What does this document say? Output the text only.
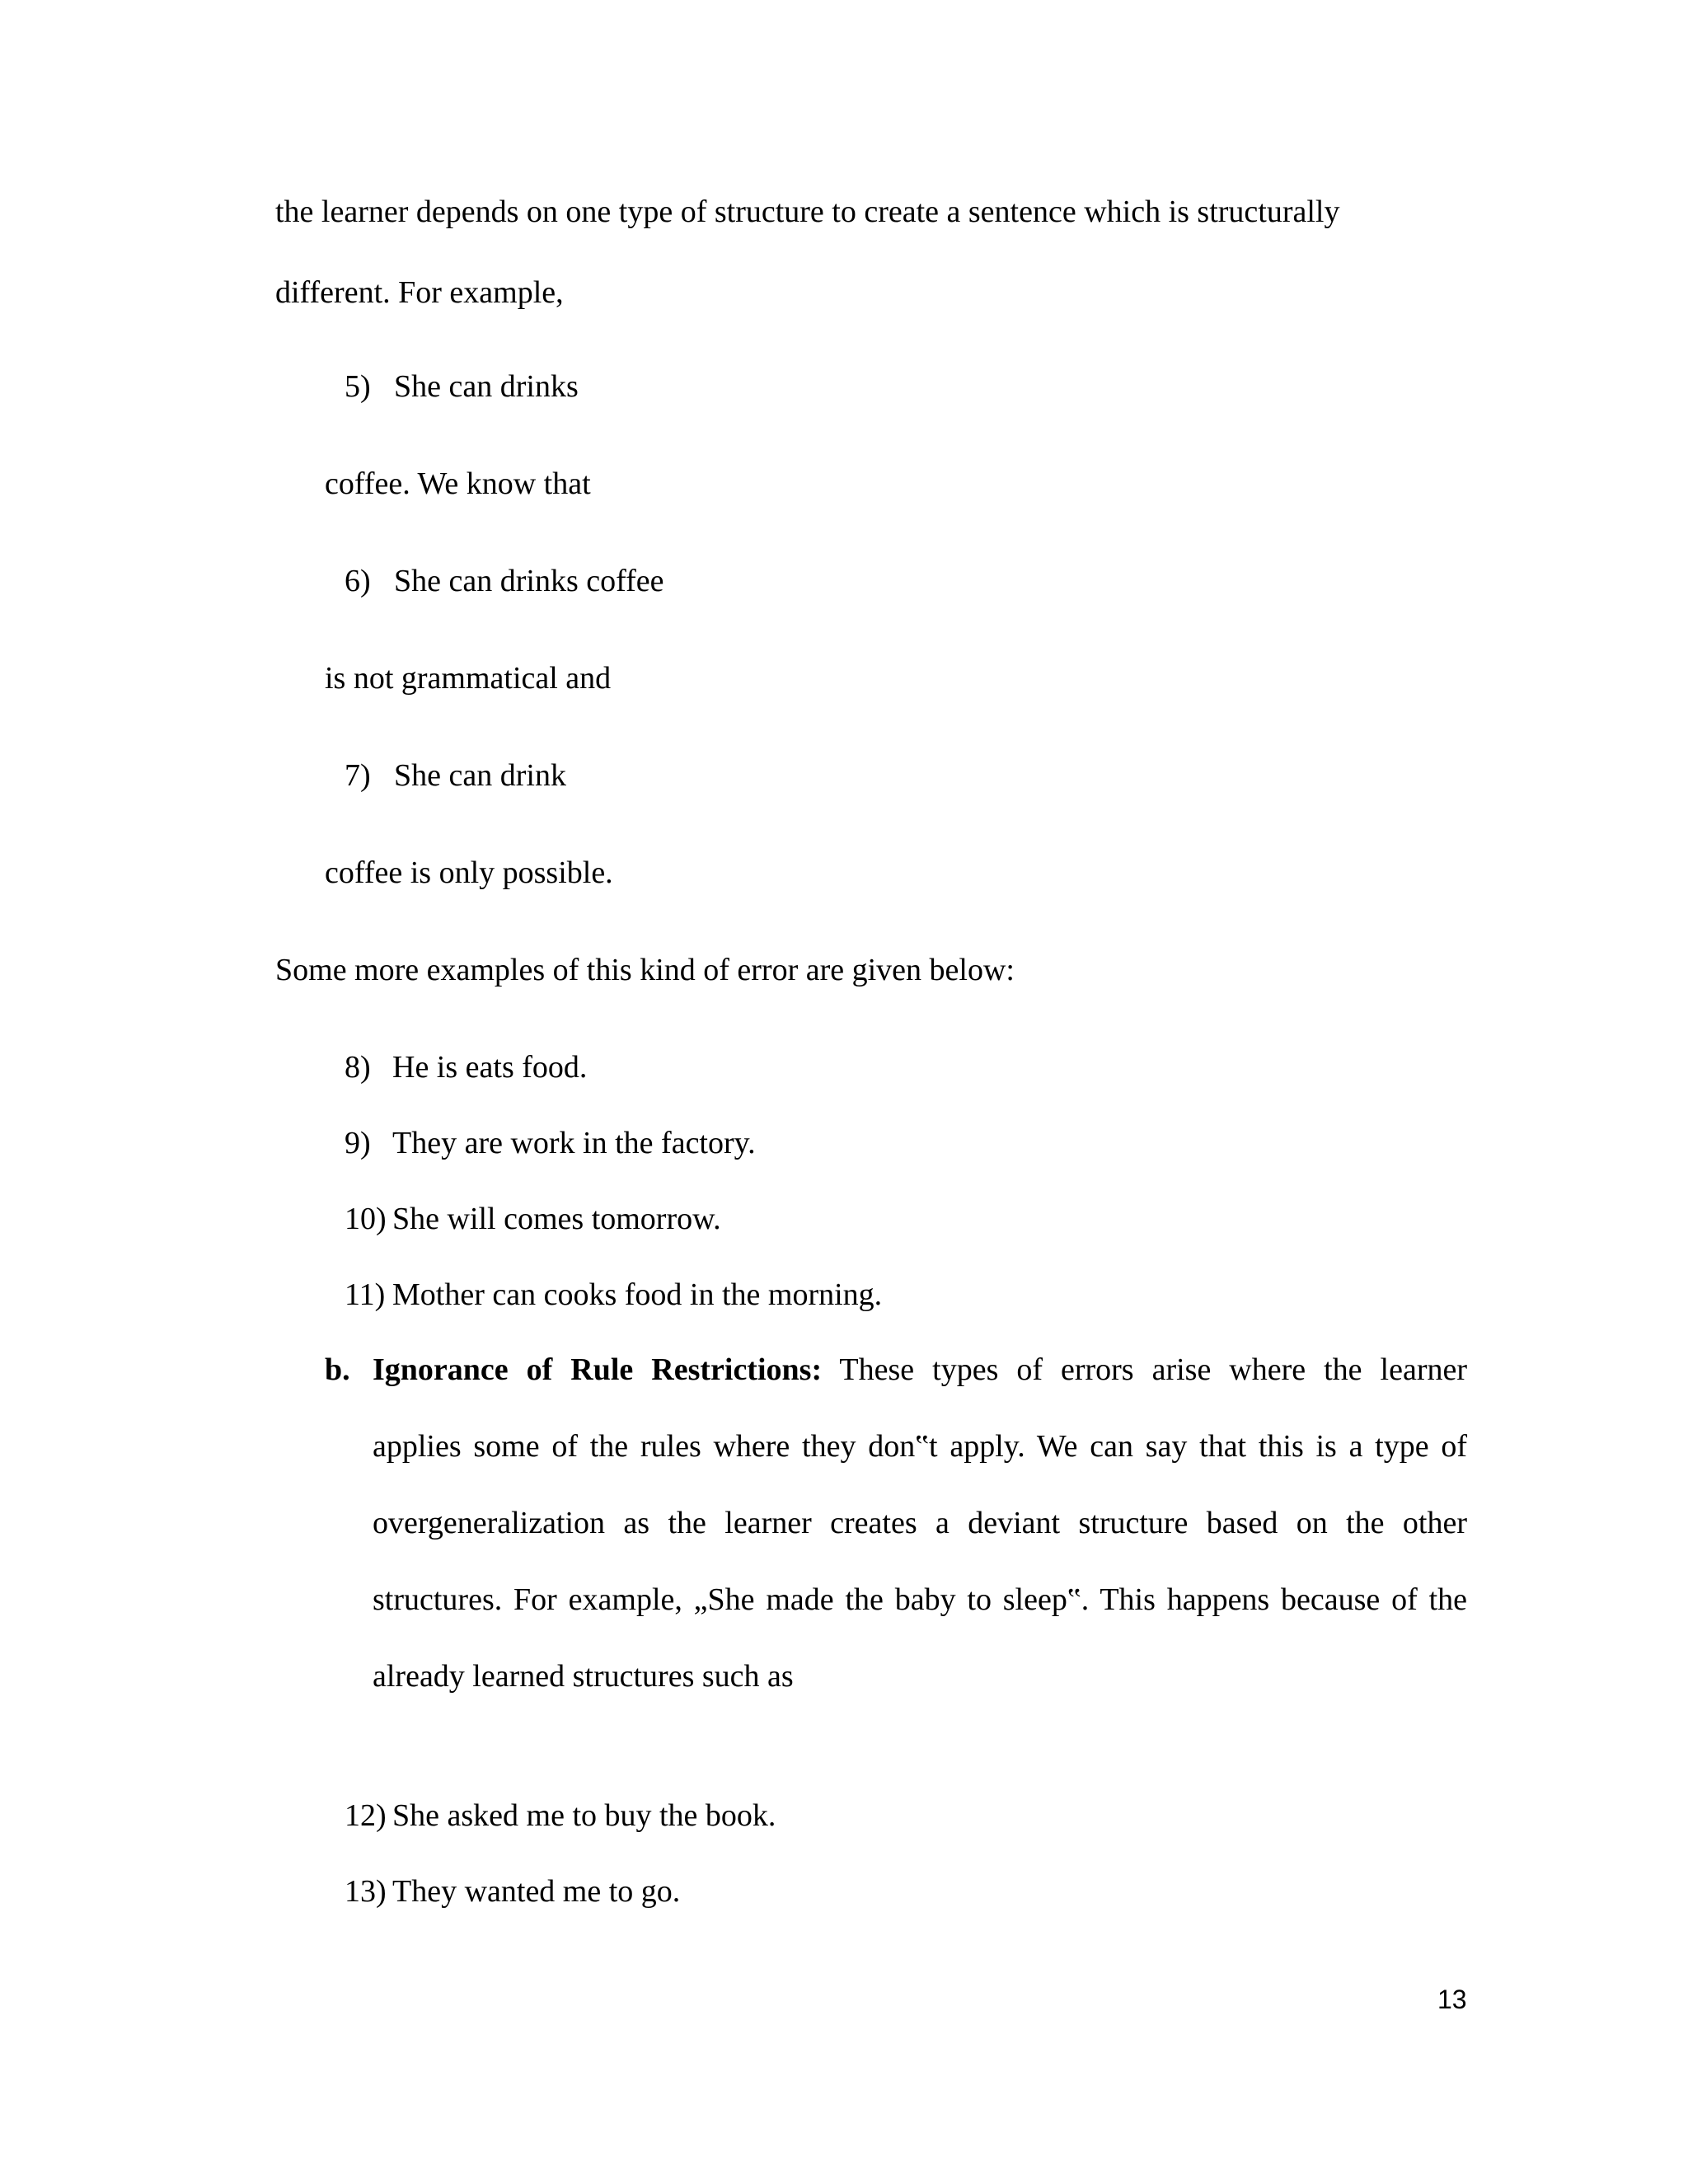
the learner depends on one type of structure to create a sentence which is structurally
different. For example,
5) She can drinks
coffee. We know that
6) She can drinks coffee
is not grammatical and
7) She can drink
coffee is only possible.
Some more examples of this kind of error are given below:
8) He is eats food.
9) They are work in the factory.
10) She will comes tomorrow.
11) Mother can cooks food in the morning.
b. Ignorance of Rule Restrictions: These types of errors arise where the learner
applies some of the rules where they don‟t apply. We can say that this is a type of
overgeneralization as the learner creates a deviant structure based on the other
structures. For example, „She made the baby to sleep‟. This happens because of the
already learned structures such as
12) She asked me to buy the book.
13) They wanted me to go.
13
